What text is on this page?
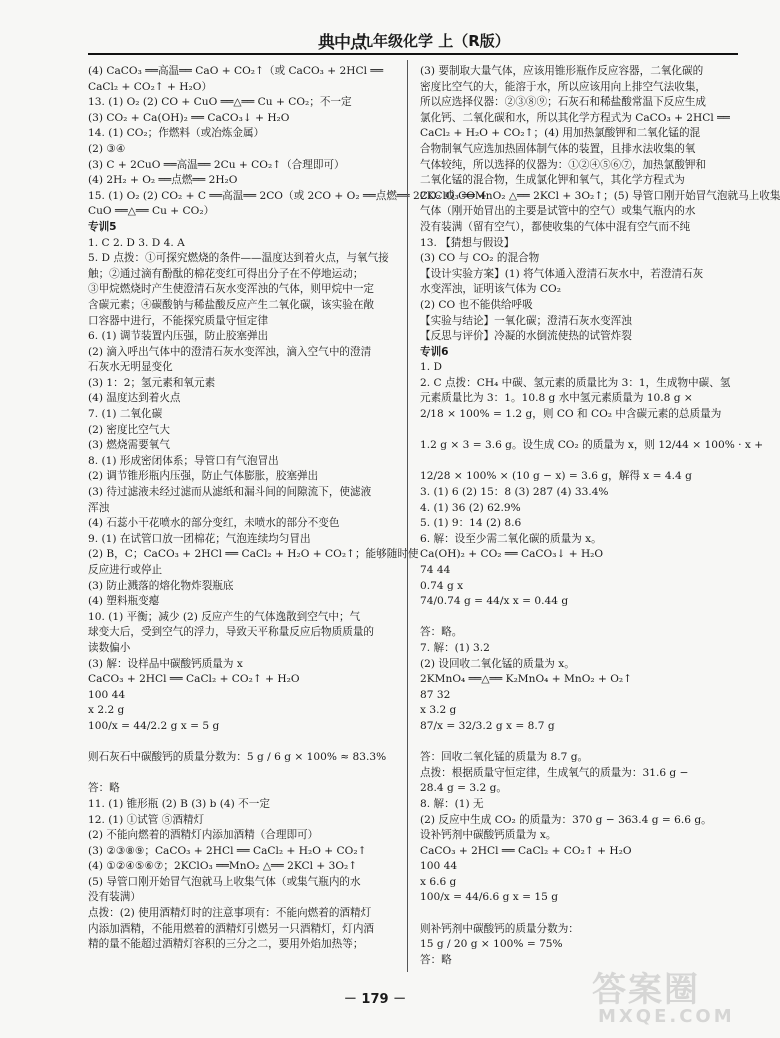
典中点
九年级化学 上（R版）
(4) CaCO₃ ══高温══ CaO + CO₂↑（或 CaCO₃ + 2HCl ══
CaCl₂ + CO₂↑ + H₂O）
13. (1) O₂ (2) CO + CuO ══△══ Cu + CO₂；不一定
(3) CO₂ + Ca(OH)₂ ══ CaCO₃↓ + H₂O
14. (1) CO₂；作燃料（或冶炼金属）
(2) ③④
(3) C + 2CuO ══高温══ 2Cu + CO₂↑（合理即可）
(4) 2H₂ + O₂ ══点燃══ 2H₂O
15. (1) O₂ (2) CO₂ + C ══高温══ 2CO（或 2CO + O₂ ══点燃══ 2CO₂ 或 CO +
CuO ══△══ Cu + CO₂）
专训5
1. C 2. D 3. D 4. A
5. D 点拨：①可探究燃烧的条件——温度达到着火点，与氧气接
触；②通过滴有酚酞的棉花变红可得出分子在不停地运动；
③甲烷燃烧时产生使澄清石灰水变浑浊的气体，则甲烷中一定
含碳元素；④碳酸钠与稀盐酸反应产生二氧化碳，该实验在敞
口容器中进行，不能探究质量守恒定律
6. (1) 调节装置内压强，防止胶塞弹出
(2) 滴入呼出气体中的澄清石灰水变浑浊，滴入空气中的澄清
石灰水无明显变化
(3) 1：2；氢元素和氧元素
(4) 温度达到着火点
7. (1) 二氧化碳
(2) 密度比空气大
(3) 燃烧需要氧气
8. (1) 形成密闭体系；导管口有气泡冒出
(2) 调节锥形瓶内压强，防止气体膨胀，胶塞弹出
(3) 待过滤液未经过滤而从滤纸和漏斗间的间隙流下，使滤液
浑浊
(4) 石蕊小干花喷水的部分变红，未喷水的部分不变色
9. (1) 在试管口放一团棉花；气泡连续均匀冒出
(2) B，C；CaCO₃ + 2HCl ══ CaCl₂ + H₂O + CO₂↑；能够随时使
反应进行或停止
(3) 防止溅落的熔化物炸裂瓶底
(4) 塑料瓶变瘪
10. (1) 平衡；减少 (2) 反应产生的气体逸散到空气中；气
球变大后，受到空气的浮力，导致天平称量反应后物质质量的
读数偏小
(3) 解：设样品中碳酸钙质量为 x
CaCO₃ + 2HCl ══ CaCl₂ + CO₂↑ + H₂O
100 44
x 2.2 g
100/x = 44/2.2 g x = 5 g

则石灰石中碳酸钙的质量分数为：5 g / 6 g × 100% ≈ 83.3%

答：略
11. (1) 锥形瓶 (2) B (3) b (4) 不一定
12. (1) ①试管 ⑤酒精灯
(2) 不能向燃着的酒精灯内添加酒精（合理即可）
(3) ②③⑧⑨；CaCO₃ + 2HCl ══ CaCl₂ + H₂O + CO₂↑
(4) ①②④⑤⑥⑦；2KClO₃ ══MnO₂ △══ 2KCl + 3O₂↑
(5) 导管口刚开始冒气泡就马上收集气体（或集气瓶内的水
没有装满）
点拨：(2) 使用酒精灯时的注意事项有：不能向燃着的酒精灯
内添加酒精，不能用燃着的酒精灯引燃另一只酒精灯，灯内酒
精的量不能超过酒精灯容积的三分之二，要用外焰加热等；
(3) 要制取大量气体，应该用锥形瓶作反应容器，二氧化碳的
密度比空气的大，能溶于水，所以应该用向上排空气法收集，
所以应选择仪器：②③⑧⑨；石灰石和稀盐酸常温下反应生成
氯化钙、二氧化碳和水，所以其化学方程式为 CaCO₃ + 2HCl ══
CaCl₂ + H₂O + CO₂↑；(4) 用加热氯酸钾和二氧化锰的混
合物制氧气应选加热固体制气体的装置，且排水法收集的氧
气体较纯，所以选择的仪器为：①②④⑤⑥⑦，加热氯酸钾和
二氧化锰的混合物，生成氯化钾和氧气，其化学方程式为
2KClO₃ ══MnO₂ △══ 2KCl + 3O₂↑；(5) 导管口刚开始冒气泡就马上收集
气体（刚开始冒出的主要是试管中的空气）或集气瓶内的水
没有装满（留有空气），都使收集的气体中混有空气而不纯
13. 【猜想与假设】
(3) CO 与 CO₂ 的混合物
【设计实验方案】(1) 将气体通入澄清石灰水中，若澄清石灰
水变浑浊，证明该气体为 CO₂
(2) CO 也不能供给呼吸
【实验与结论】一氧化碳；澄清石灰水变浑浊
【反思与评价】冷凝的水倒流使热的试管炸裂
专训6
1. D
2. C 点拨：CH₄ 中碳、氢元素的质量比为 3：1，生成物中碳、氢
元素质量比为 3：1。10.8 g 水中氢元素质量为 10.8 g ×
2/18 × 100% = 1.2 g，则 CO 和 CO₂ 中含碳元素的总质量为

1.2 g × 3 = 3.6 g。设生成 CO₂ 的质量为 x，则 12/44 × 100% · x +

12/28 × 100% × (10 g − x) = 3.6 g，解得 x = 4.4 g
3. (1) 6 (2) 15：8 (3) 287 (4) 33.4%
4. (1) 36 (2) 62.9%
5. (1) 9：14 (2) 8.6
6. 解：设至少需二氧化碳的质量为 x。
Ca(OH)₂ + CO₂ ══ CaCO₃↓ + H₂O
74 44
0.74 g x
74/0.74 g = 44/x x = 0.44 g

答：略。
7. 解：(1) 3.2
(2) 设回收二氧化锰的质量为 x。
2KMnO₄ ══△══ K₂MnO₄ + MnO₂ + O₂↑
87 32
x 3.2 g
87/x = 32/3.2 g x = 8.7 g

答：回收二氧化锰的质量为 8.7 g。
点拨：根据质量守恒定律，生成氧气的质量为：31.6 g −
28.4 g = 3.2 g。
8. 解：(1) 无
(2) 反应中生成 CO₂ 的质量为：370 g − 363.4 g = 6.6 g。
设补钙剂中碳酸钙质量为 x。
CaCO₃ + 2HCl ══ CaCl₂ + CO₂↑ + H₂O
100 44
x 6.6 g
100/x = 44/6.6 g x = 15 g

则补钙剂中碳酸钙的质量分数为：
15 g / 20 g × 100% = 75%
答：略
－ 179 －	答案圈
MXQE.COM
